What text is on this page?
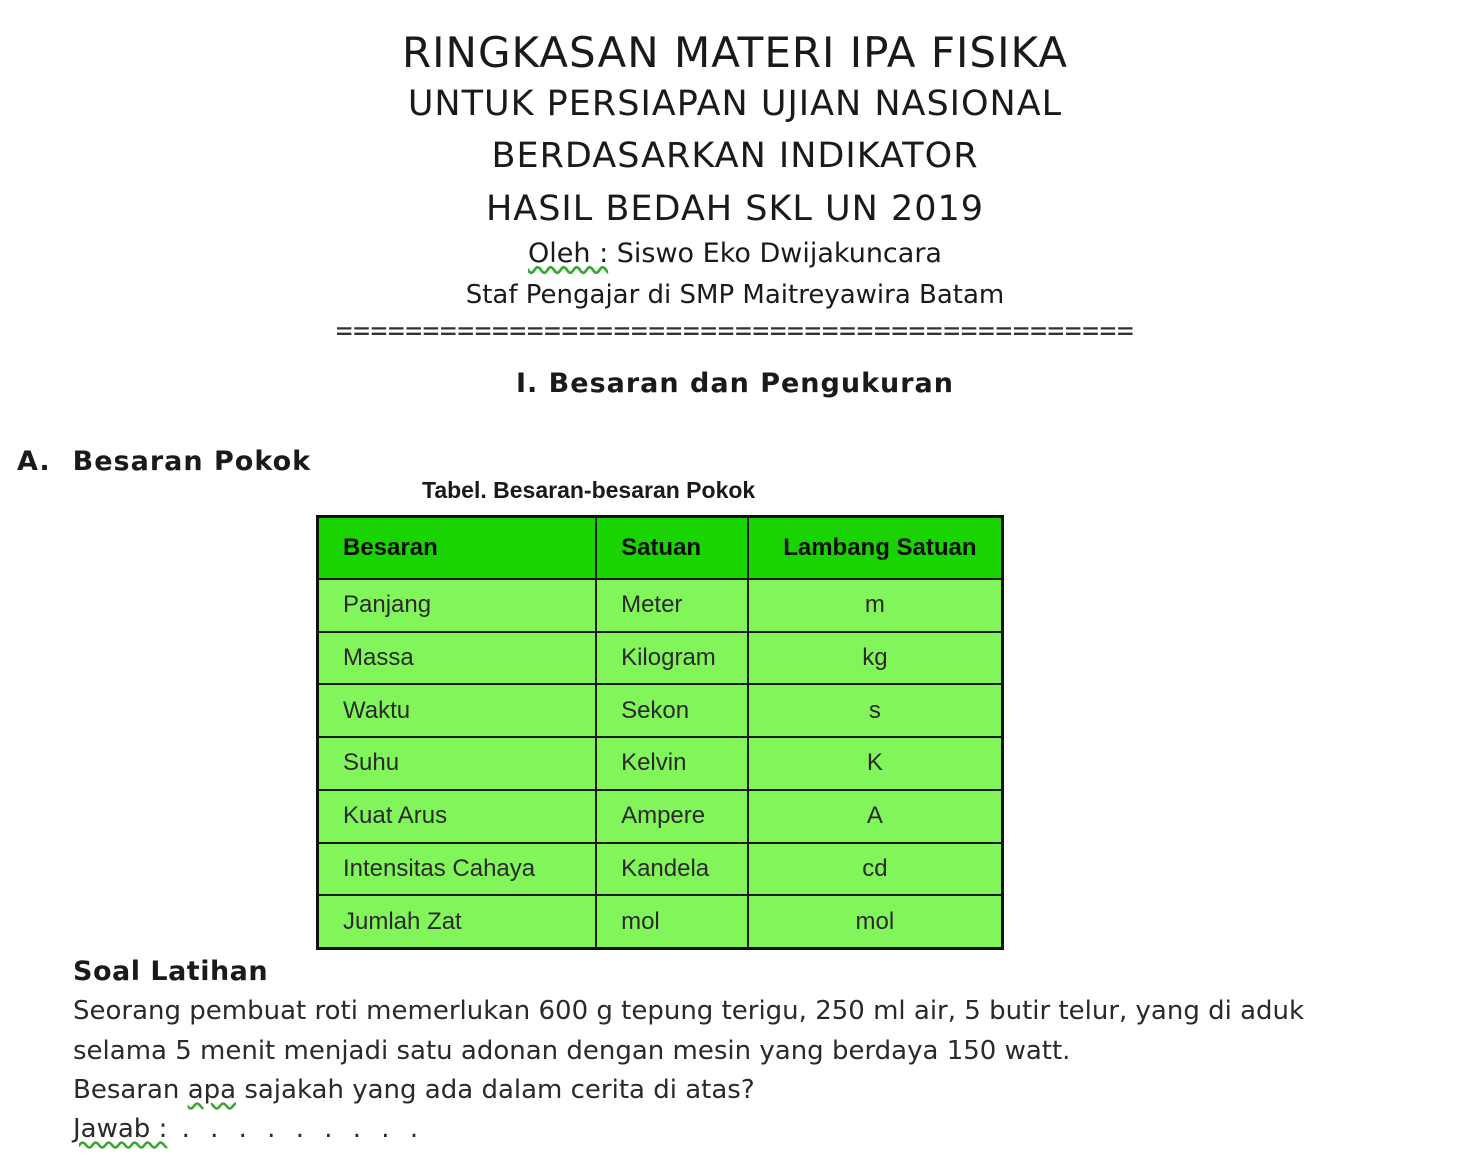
RINGKASAN MATERI IPA FISIKA
UNTUK PERSIAPAN UJIAN NASIONAL
BERDASARKAN INDIKATOR
HASIL BEDAH SKL UN 2019
Oleh : Siswo Eko Dwijakuncara
Staf Pengajar di SMP Maitreyawira Batam
==============================================
I. Besaran dan Pengukuran
A. Besaran Pokok
Tabel. Besaran-besaran Pokok
Besaran	Satuan	Lambang Satuan
Panjang	Meter	m
Massa	Kilogram	kg
Waktu	Sekon	s
Suhu	Kelvin	K
Kuat Arus	Ampere	A
Intensitas Cahaya	Kandela	cd
Jumlah Zat	mol	mol
Soal Latihan
Seorang pembuat roti memerlukan 600 g tepung terigu, 250 ml air, 5 butir telur, yang di aduk
selama 5 menit menjadi satu adonan dengan mesin yang berdaya 150 watt.
Besaran apa sajakah yang ada dalam cerita di atas?
Jawab : . . . . . . . . .
